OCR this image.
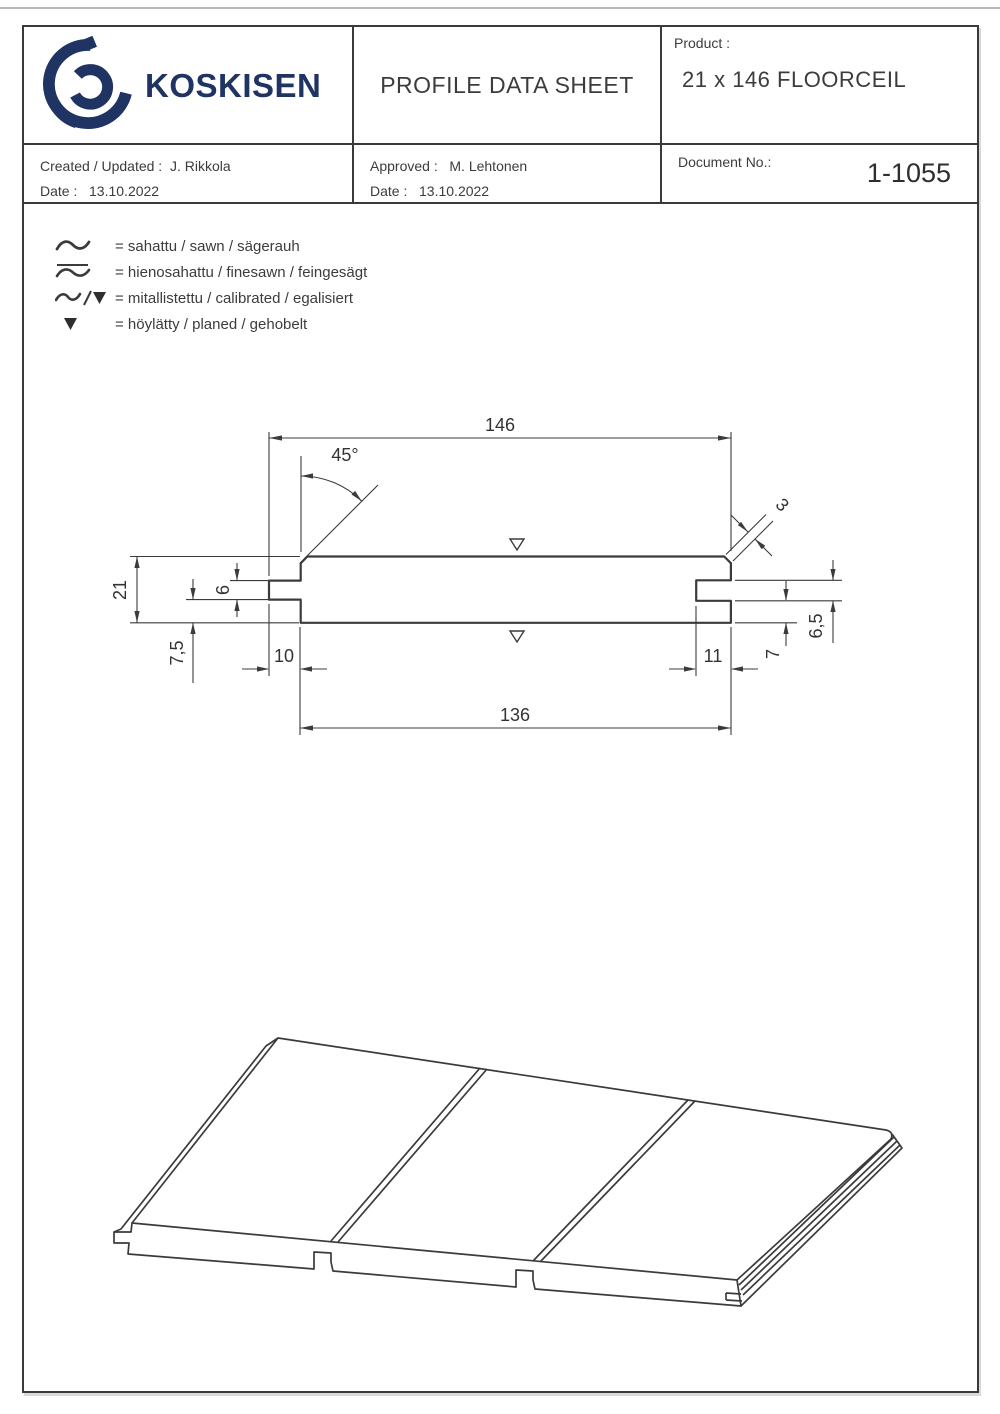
KOSKISEN	PROFILE DATA SHEET
Product :
21 x 146 FLOORCEIL
Created / Updated :  J. Rikkola
Date :   13.10.2022
Approved :   M. Lehtonen
Date :   13.10.2022
Document No.:	1-1055
= sahattu / sawn / sägerauh
= hienosahattu / finesawn / feingesägt
= mitallistettu / calibrated / egalisiert
= höylätty / planed / gehobelt
146
136
45°
3
21	6
7,5	10	11 7
6,5
